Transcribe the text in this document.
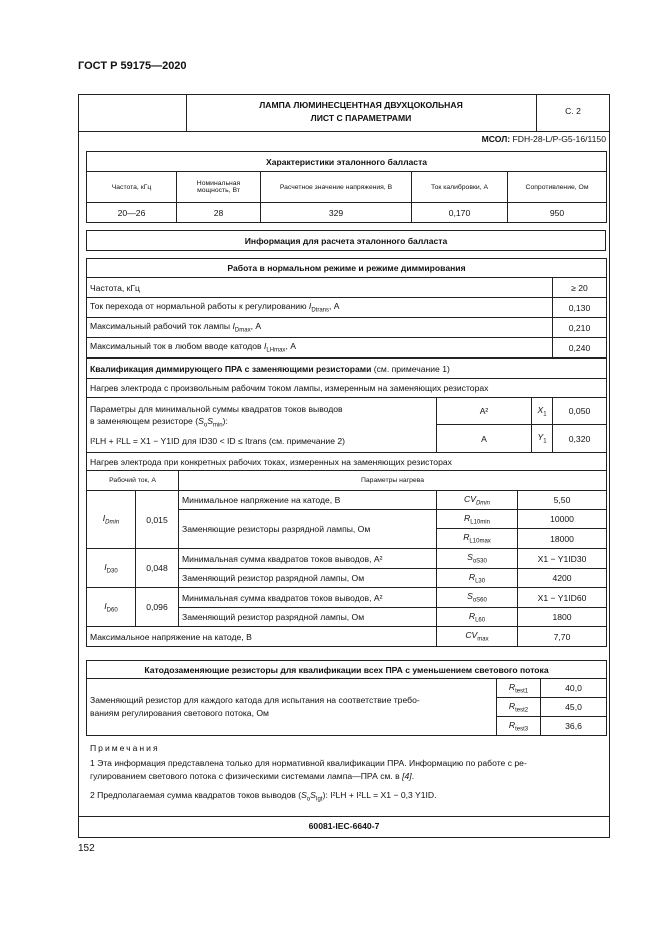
ГОСТ Р 59175—2020
ЛАМПА ЛЮМИНЕСЦЕНТНАЯ ДВУХЦОКОЛЬНАЯ
ЛИСТ С ПАРАМЕТРАМИ
С. 2
МСОЛ: FDH-28-L/P-G5-16/1150
Характеристики эталонного балласта				
Частота, кГц	Номинальная мощность, Вт	Расчетное значение напряжения, В	Ток калибровки, А	Сопротивление, Ом
20—26	28	329	0,170	950
Информация для расчета эталонного балласта
Работа в нормальном режиме и режиме диммирования	
Частота, кГц	≥ 20
Ток перехода от нормальной работы к регулированию $I_{Dtrans}$, А	0,130
Максимальный рабочий ток лампы $I_{Dmax}$, А	0,210
Максимальный ток в любом вводе катодов $I_{LHmax}$, А	0,240
Квалификация диммирующего ПРА с заменяющими резисторами (см. примечание 1)						
Нагрев электрода с произвольным рабочим током лампы, измеренным на заменяющих резисторах						

Параметры для минимальной суммы квадратов токов выводов
в заменяющем резисторе $(S_oS_{min})$:
I²LH + I²LL = X1 − Y1ID для ID30 < ID ≤ Itrans (см. примечание 2)			A²		$X_1$	0,050
			A		$Y_1$	0,320
Нагрев электрода при конкретных рабочих токах, измеренных на заменяющих резисторах						
Рабочий ток, А		Параметры нагрева				
$I_{Dmin}$	0,015	Минимальное напряжение на катоде, В	$CV_{Dmin}$	5,50		
		Заменяющие резисторы разрядной лампы, Ом	$R_{L10min}$	10000		
			$R_{L10max}$	18000		
$I_{D30}$	0,048	Минимальная сумма квадратов токов выводов, A²	$S_{oS30}$	X1 − Y1ID30		
		Заменяющий резистор разрядной лампы, Ом	$R_{L30}$	4200		
$I_{D60}$	0,096	Минимальная сумма квадратов токов выводов, A²	$S_{oS60}$	X1 − Y1ID60		
		Заменяющий резистор разрядной лампы, Ом	$R_{L60}$	1800		
Максимальное напряжение на катоде, В			$CV_{max}$	7,70		
Катодозаменяющие резисторы для квалификации всех ПРА с уменьшением светового потока		

Заменяющий резистор для каждого катода для испытания на соответствие требо-
ваниям регулирования светового потока, Ом	$R_{test1}$	40,0
	$R_{test2}$	45,0
	$R_{test3}$	36,6
Примечания
1 Эта информация представлена только для нормативной квалификации ПРА. Информацию по работе с ре-
гулированием светового потока с физическими системами лампа—ПРА см. в [4].
2 Предполагаемая сумма квадратов токов выводов $(S_oS_{Igt})$: I²LH + I²LL = X1 − 0,3 Y1ID.
60081-IEC-6640-7
152
